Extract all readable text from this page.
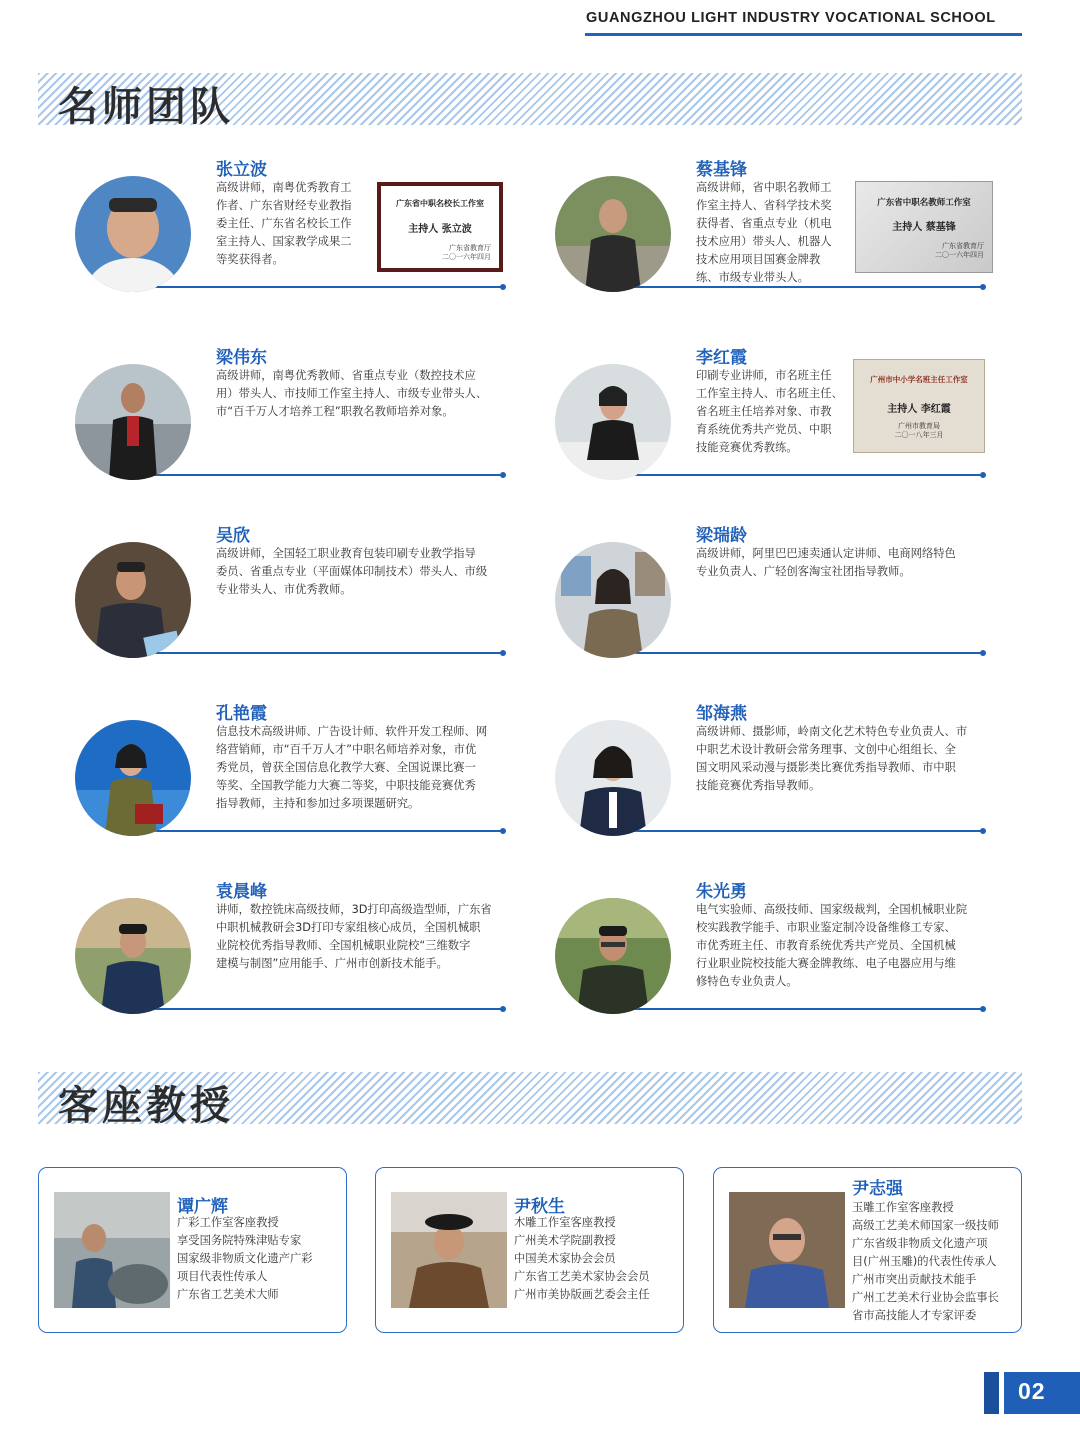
GUANGZHOU LIGHT INDUSTRY VOCATIONAL SCHOOL
名师团队
张立波
高级讲师，南粤优秀教育工
作者、广东省财经专业教指
委主任、广东省名校长工作
室主持人、国家教学成果二
等奖获得者。
广东省中职名校长工作室
主持人 张立波
广东省教育厅
二〇一六年四月
蔡基锋
高级讲师，省中职名教师工
作室主持人、省科学技术奖
获得者、省重点专业（机电
技术应用）带头人、机器人
技术应用项目国赛金牌教
练、市级专业带头人。
广东省中职名教师工作室
主持人 蔡基锋
广东省教育厅
二〇一六年四月
梁伟东
高级讲师，南粤优秀教师、省重点专业（数控技术应
用）带头人、市技师工作室主持人、市级专业带头人、
市“百千万人才培养工程”职教名教师培养对象。
李红霞
印刷专业讲师，市名班主任
工作室主持人、市名班主任、
省名班主任培养对象、市教
育系统优秀共产党员、中职
技能竞赛优秀教练。
广州市中小学名班主任工作室
主持人 李红霞
广州市教育局
二〇一八年三月
吴欣
高级讲师，全国轻工职业教育包装印刷专业教学指导
委员、省重点专业（平面媒体印制技术）带头人、市级
专业带头人、市优秀教师。
梁瑞龄
高级讲师，阿里巴巴速卖通认定讲师、电商网络特色
专业负责人、广轻创客淘宝社团指导教师。
孔艳霞
信息技术高级讲师、广告设计师、软件开发工程师、网
络营销师，市“百千万人才”中职名师培养对象，市优
秀党员，曾获全国信息化教学大赛、全国说课比赛一
等奖、全国教学能力大赛二等奖，中职技能竞赛优秀
指导教师，主持和参加过多项课题研究。
邹海燕
高级讲师、摄影师，岭南文化艺术特色专业负责人、市
中职艺术设计教研会常务理事、文创中心组组长、全
国文明风采动漫与摄影类比赛优秀指导教师、市中职
技能竞赛优秀指导教师。
袁晨峰
讲师，数控铣床高级技师，3D打印高级造型师，广东省
中职机械教研会3D打印专家组核心成员，全国机械职
业院校优秀指导教师、全国机械职业院校“三维数字
建模与制图”应用能手、广州市创新技术能手。
朱光勇
电气实验师、高级技师、国家级裁判，全国机械职业院
校实践教学能手、市职业鉴定制冷设备维修工专家、
市优秀班主任、市教育系统优秀共产党员、全国机械
行业职业院校技能大赛金牌教练、电子电器应用与维
修特色专业负责人。
客座教授
谭广辉
广彩工作室客座教授
享受国务院特殊津贴专家
国家级非物质文化遗产广彩
项目代表性传承人
广东省工艺美术大师
尹秋生
木雕工作室客座教授
广州美术学院副教授
中国美术家协会会员
广东省工艺美术家协会会员
广州市美协版画艺委会主任
尹志强
玉雕工作室客座教授
高级工艺美术师国家一级技师
广东省级非物质文化遗产项
目(广州玉雕)的代表性传承人
广州市突出贡献技术能手
广州工艺美术行业协会监事长
省市高技能人才专家评委
02
